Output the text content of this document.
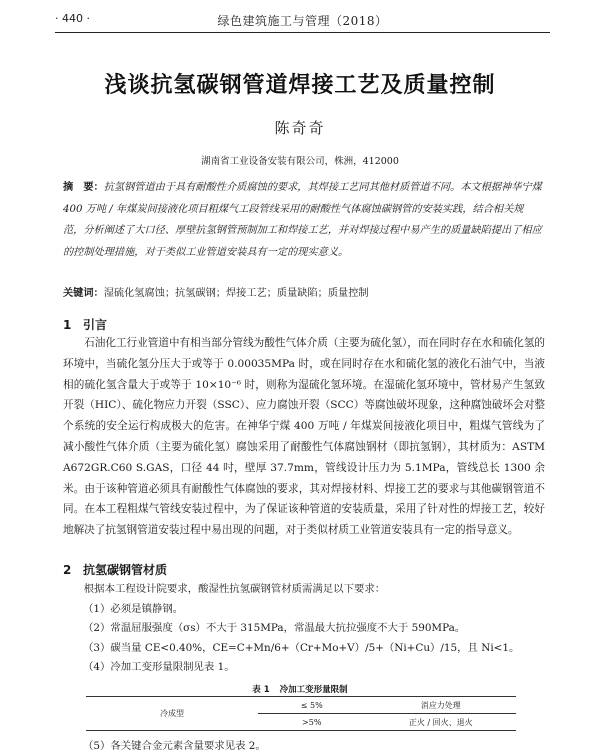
· 440 ·	绿色建筑施工与管理（2018）
浅谈抗氢碳钢管道焊接工艺及质量控制
陈奇奇
湖南省工业设备安装有限公司，株洲，412000
摘　要：抗氢钢管道由于具有耐酸性介质腐蚀的要求，其焊接工艺同其他材质管道不同。本文根据神华宁煤 400 万吨 / 年煤炭间接液化项目粗煤气工段管线采用的耐酸性气体腐蚀碳钢管的安装实践，结合相关规范，分析阐述了大口径、厚壁抗氢钢管预制加工和焊接工艺，并对焊接过程中易产生的质量缺陷提出了相应的控制处理措施，对于类似工业管道安装具有一定的现实意义。
关键词：湿硫化氢腐蚀；抗氢碳钢；焊接工艺；质量缺陷；质量控制
1 引言
石油化工行业管道中有相当部分管线为酸性气体介质（主要为硫化氢），而在同时存在水和硫化氢的环境中，当硫化氢分压大于或等于 0.00035MPa 时，或在同时存在水和硫化氢的液化石油气中，当液相的硫化氢含量大于或等于 10×10⁻⁶ 时，则称为湿硫化氢环境。在湿硫化氢环境中，管材易产生氢致开裂（HIC）、硫化物应力开裂（SSC）、应力腐蚀开裂（SCC）等腐蚀破坏现象，这种腐蚀破坏会对整个系统的安全运行构成极大的危害。在神华宁煤 400 万吨 / 年煤炭间接液化项目中，粗煤气管线为了减小酸性气体介质（主要为硫化氢）腐蚀采用了耐酸性气体腐蚀钢材（即抗氢钢），其材质为：ASTM A672GR.C60 S.GAS，口径 44 吋，壁厚 37.7mm，管线设计压力为 5.1MPa，管线总长 1300 余米。由于该种管道必须具有耐酸性气体腐蚀的要求，其对焊接材料、焊接工艺的要求与其他碳钢管道不同。在本工程粗煤气管线安装过程中，为了保证该种管道的安装质量，采用了针对性的焊接工艺，较好地解决了抗氢钢管道安装过程中易出现的问题，对于类似材质工业管道安装具有一定的指导意义。
2 抗氢碳钢管材质
根据本工程设计院要求，酸湿性抗氢碳钢管材质需满足以下要求：
（1）必须是镇静钢。
（2）常温屈服强度（σs）不大于 315MPa，常温最大抗拉强度不大于 590MPa。
（3）碳当量 CE<0.40%，CE=C+Mn/6+（Cr+Mo+V）/5+（Ni+Cu）/15，且 Ni<1。
（4）冷加工变形量限制见表 1。
表 1 冷加工变形量限制
冷成型	≤ 5%	消应力处理
	>5%	正火 / 回火、退火
（5）各关键合金元素含量要求见表 2。
